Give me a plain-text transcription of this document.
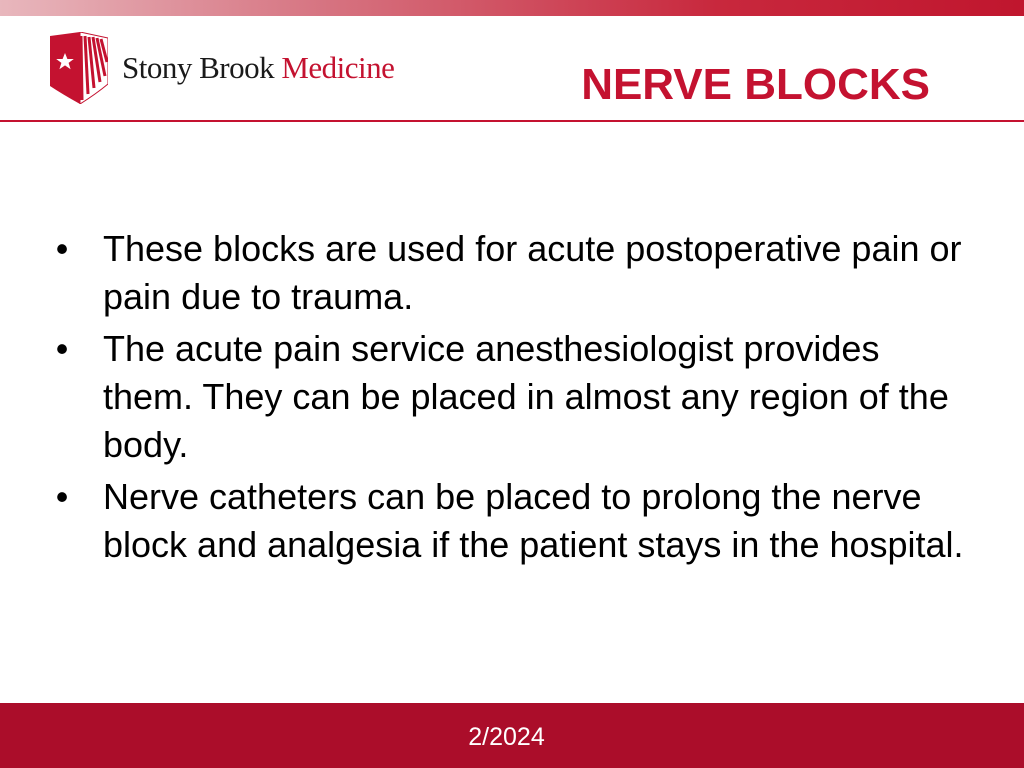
Stony Brook Medicine	NERVE BLOCKS
• These blocks are used for acute postoperative pain or pain due to trauma.
• The acute pain service anesthesiologist provides them. They can be placed in almost any region of the body.
• Nerve catheters can be placed to prolong the nerve block and analgesia if the patient stays in the hospital.
2/2024
